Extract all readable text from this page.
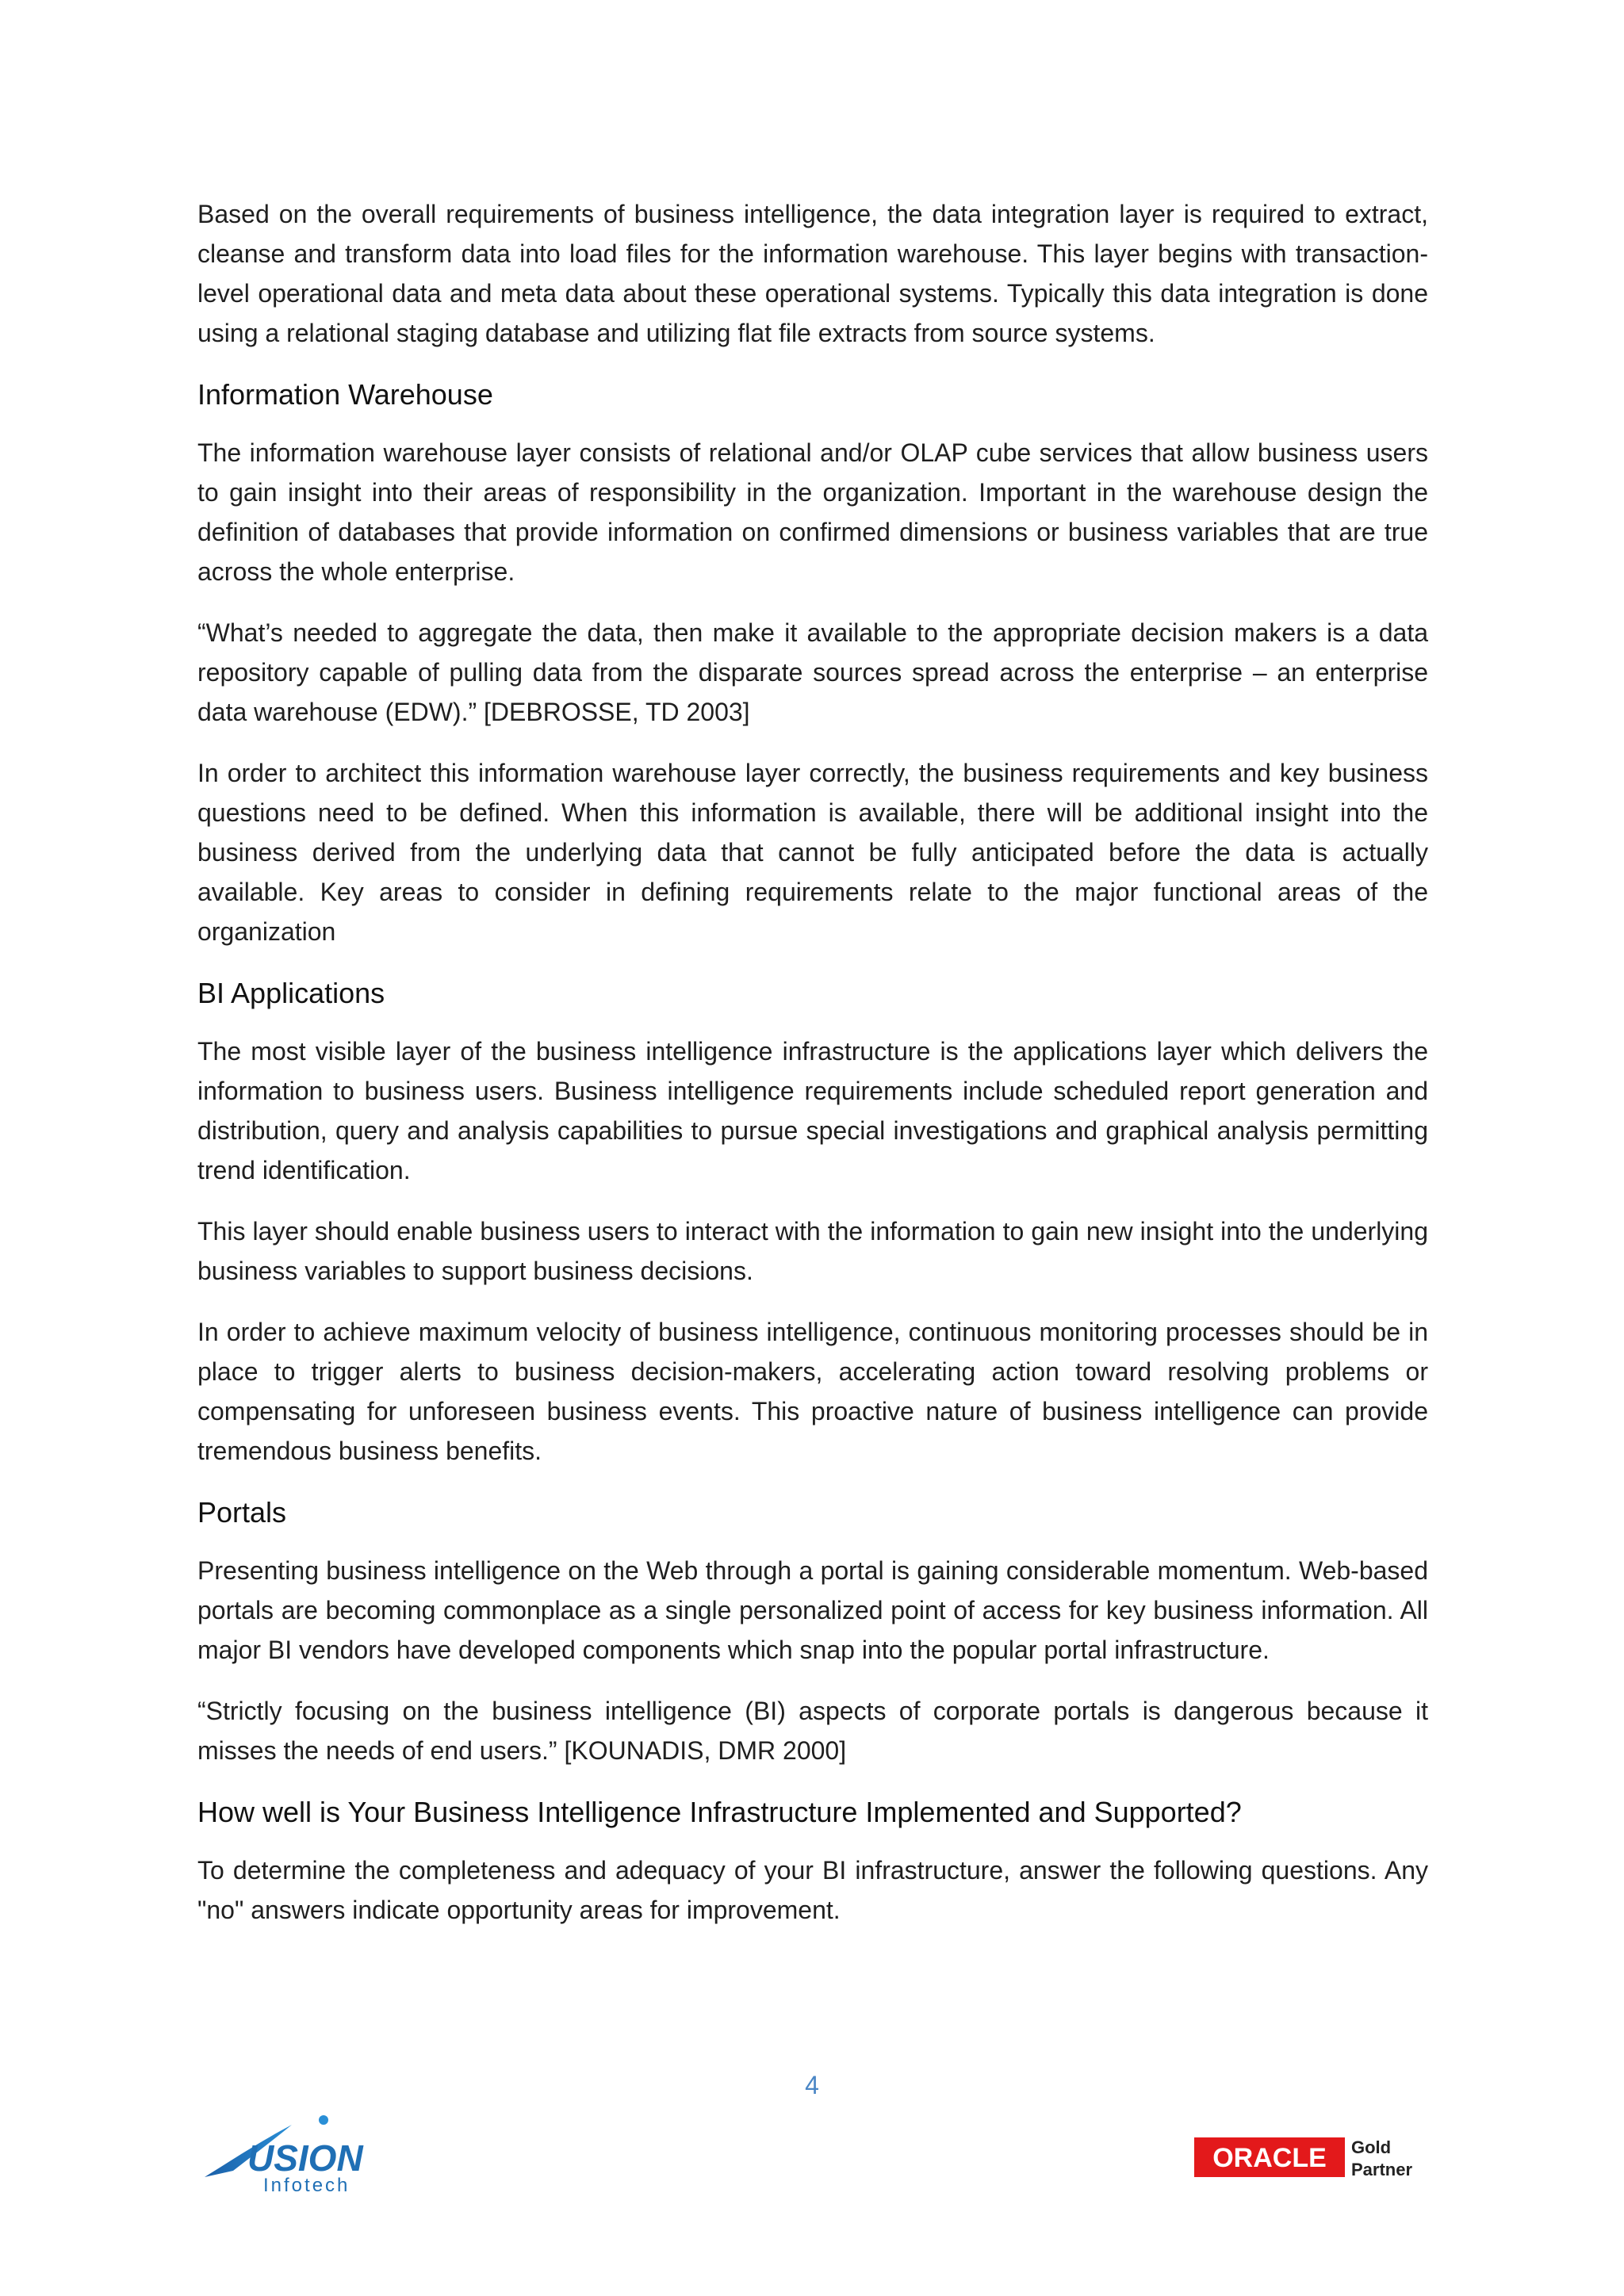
Based on the overall requirements of business intelligence, the data integration layer is required to extract, cleanse and transform data into load files for the information warehouse. This layer begins with transaction-level operational data and meta data about these operational systems. Typically this data integration is done using a relational staging database and utilizing flat file extracts from source systems.

Information Warehouse

The information warehouse layer consists of relational and/or OLAP cube services that allow business users to gain insight into their areas of responsibility in the organization. Important in the warehouse design the definition of databases that provide information on confirmed dimensions or business variables that are true across the whole enterprise.

“What’s needed to aggregate the data, then make it available to the appropriate decision makers is a data repository capable of pulling data from the disparate sources spread across the enterprise – an enterprise data warehouse (EDW).” [DEBROSSE, TD 2003]

In order to architect this information warehouse layer correctly, the business requirements and key business questions need to be defined. When this information is available, there will be additional insight into the business derived from the underlying data that cannot be fully anticipated before the data is actually available. Key areas to consider in defining requirements relate to the major functional areas of the organization

BI Applications

The most visible layer of the business intelligence infrastructure is the applications layer which delivers the information to business users. Business intelligence requirements include scheduled report generation and distribution, query and analysis capabilities to pursue special investigations and graphical analysis permitting trend identification.

This layer should enable business users to interact with the information to gain new insight into the underlying business variables to support business decisions.

In order to achieve maximum velocity of business intelligence, continuous monitoring processes should be in place to trigger alerts to business decision-makers, accelerating action toward resolving problems or compensating for unforeseen business events. This proactive nature of business intelligence can provide tremendous business benefits.

Portals

Presenting business intelligence on the Web through a portal is gaining considerable momentum. Web-based portals are becoming commonplace as a single personalized point of access for key business information. All major BI vendors have developed components which snap into the popular portal infrastructure.

“Strictly focusing on the business intelligence (BI) aspects of corporate portals is dangerous because it misses the needs of end users.” [KOUNADIS, DMR 2000]

How well is Your Business Intelligence Infrastructure Implemented and Supported?

To determine the completeness and adequacy of your BI infrastructure, answer the following questions. Any "no" answers indicate opportunity areas for improvement.

4
USION
Infotech
ORACLE Gold
Partner
